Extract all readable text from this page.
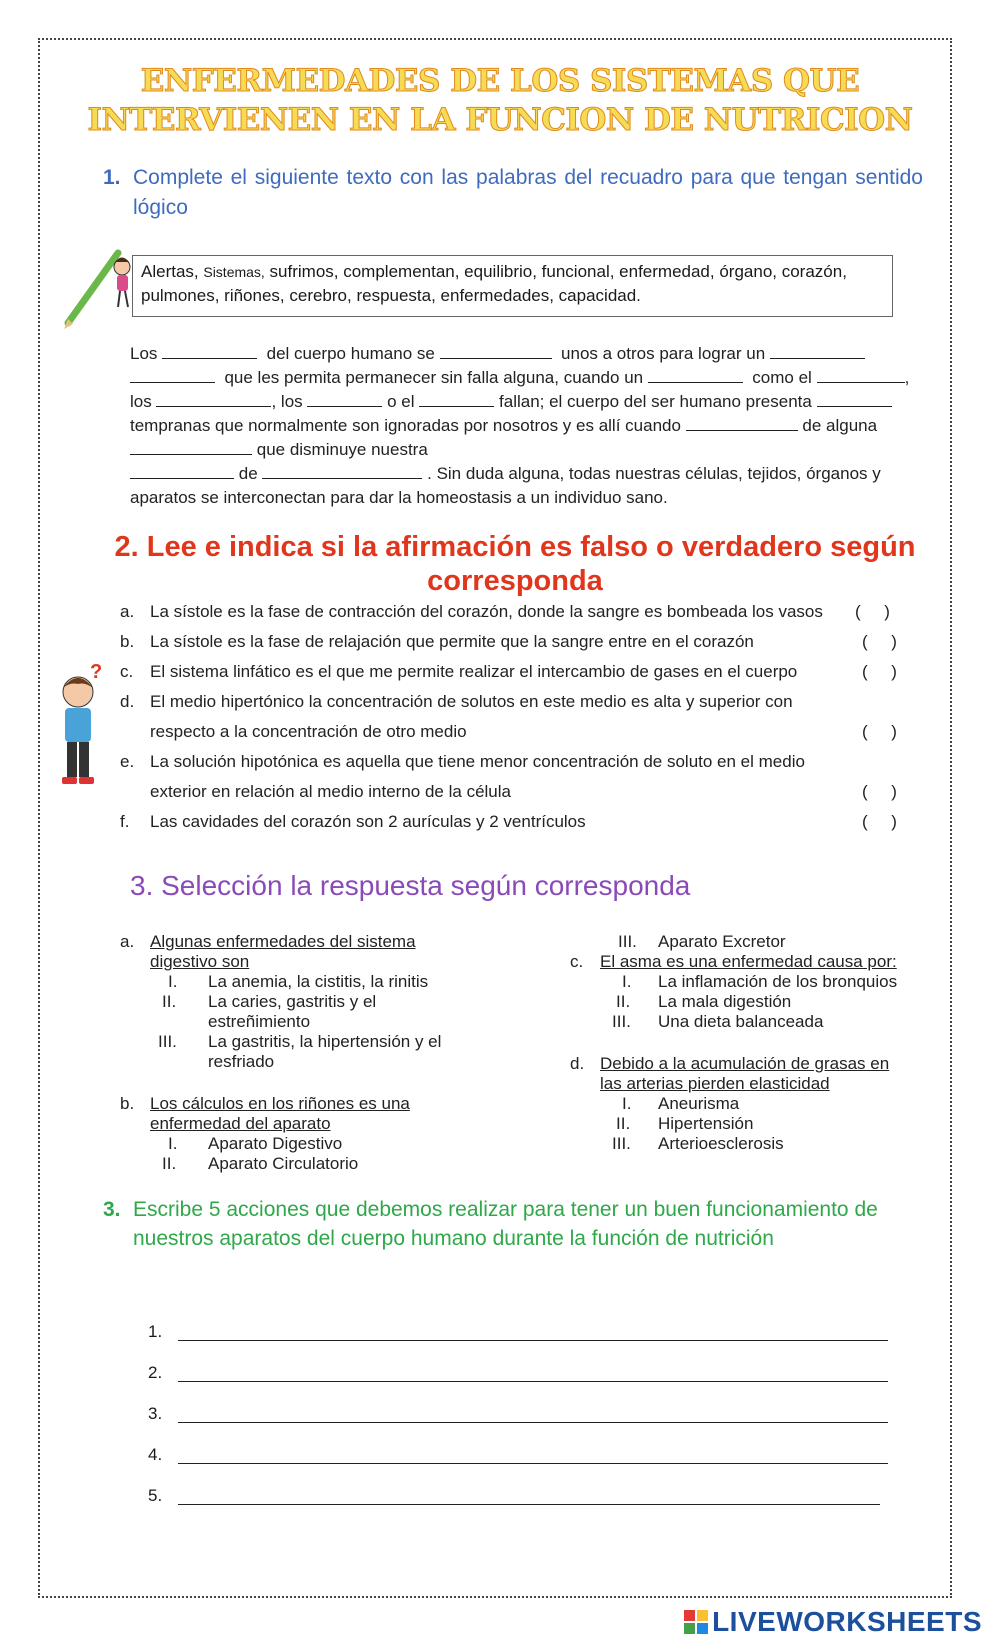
ENFERMEDADES DE LOS SISTEMAS QUE
INTERVIENEN EN LA FUNCION DE NUTRICION
1. Complete el siguiente texto con las palabras del recuadro para que tengan sentido lógico
Alertas, Sistemas, sufrimos, complementan, equilibrio, funcional, enfermedad, órgano, corazón,
pulmones, riñones, cerebro, respuesta, enfermedades, capacidad.
Los	del cuerpo humano se	unos a otros para lograr un
que les permita permanecer sin falla alguna, cuando un	como el	,
los	, los	o el	fallan; el cuerpo del ser humano presenta
tempranas que normalmente son ignoradas por nosotros y es allí cuando	de alguna
que disminuye nuestra
de	. Sin duda alguna, todas nuestras células, tejidos, órganos y
aparatos se interconectan para dar la homeostasis a un individuo sano.
2. Lee e indica si la afirmación es falso o verdadero según
corresponda
?
a. La sístole es la fase de contracción del corazón, donde la sangre es bombeada los vasos (     )
b. La sístole es la fase de relajación que permite que la sangre entre en el corazón	(     )
c. El sistema linfático es el que me permite realizar el intercambio de gases en el cuerpo	(     )
d. El medio hipertónico la concentración de solutos en este medio es alta y superior con
respecto a la concentración de otro medio	(     )
e. La solución hipotónica es aquella que tiene menor concentración de soluto en el medio
exterior en relación al medio interno de la célula	(     )
f. Las cavidades del corazón son 2 aurículas y 2 ventrículos	(     )
3. Selección la respuesta según corresponda
a. Algunas enfermedades del sistema
digestivo son
I. La anemia, la cistitis, la rinitis
II. La caries, gastritis y el
estreñimiento
III. La gastritis, la hipertensión y el
resfriado
b. Los cálculos en los riñones es una
enfermedad del aparato
I. Aparato Digestivo
II. Aparato Circulatorio
III. Aparato Excretor
c. El asma es una enfermedad causa por:
I. La inflamación de los bronquios
II. La mala digestión
III. Una dieta balanceada
d. Debido a la acumulación de grasas en
las arterias pierden elasticidad
I. Aneurisma
II. Hipertensión
III. Arterioesclerosis
3. Escribe 5 acciones que debemos realizar para tener un buen funcionamiento de nuestros aparatos del cuerpo humano durante la función de nutrición
1.
2.
3.
4.
5.
LIVEWORKSHEETS
